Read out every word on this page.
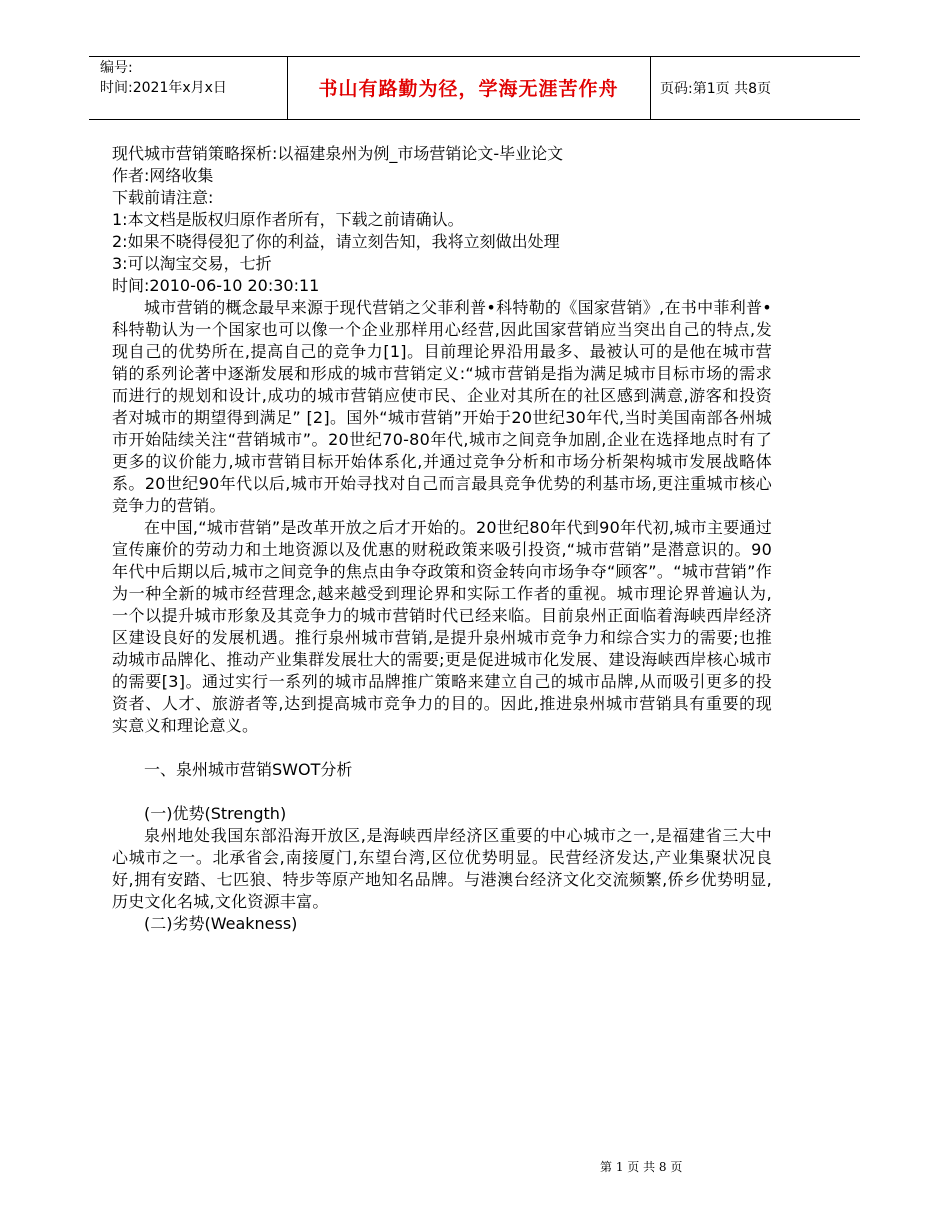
编号:
时间:2021年x月x日	书山有路勤为径，学海无涯苦作舟	页码:第1页 共8页
现代城市营销策略探析:以福建泉州为例_市场营销论文-毕业论文
作者:网络收集
下载前请注意:
1:本文档是版权归原作者所有，下载之前请确认。
2:如果不晓得侵犯了你的利益，请立刻告知，我将立刻做出处理
3:可以淘宝交易，七折
时间:2010-06-10 20:30:11
城市营销的概念最早来源于现代营销之父菲利普•科特勒的《国家营销》,在书中菲利普•科特勒认为一个国家也可以像一个企业那样用心经营,因此国家营销应当突出自己的特点,发现自己的优势所在,提高自己的竞争力[1]。目前理论界沿用最多、最被认可的是他在城市营销的系列论著中逐渐发展和形成的城市营销定义:“城市营销是指为满足城市目标市场的需求而进行的规划和设计,成功的城市营销应使市民、企业对其所在的社区感到满意,游客和投资者对城市的期望得到满足” [2]。国外“城市营销”开始于20世纪30年代,当时美国南部各州城市开始陆续关注“营销城市”。20世纪70-80年代,城市之间竞争加剧,企业在选择地点时有了更多的议价能力,城市营销目标开始体系化,并通过竞争分析和市场分析架构城市发展战略体系。20世纪90年代以后,城市开始寻找对自己而言最具竞争优势的利基市场,更注重城市核心竞争力的营销。
在中国,“城市营销”是改革开放之后才开始的。20世纪80年代到90年代初,城市主要通过宣传廉价的劳动力和土地资源以及优惠的财税政策来吸引投资,“城市营销”是潜意识的。90年代中后期以后,城市之间竞争的焦点由争夺政策和资金转向市场争夺“顾客”。“城市营销”作为一种全新的城市经营理念,越来越受到理论界和实际工作者的重视。城市理论界普遍认为,一个以提升城市形象及其竞争力的城市营销时代已经来临。目前泉州正面临着海峡西岸经济区建设良好的发展机遇。推行泉州城市营销,是提升泉州城市竞争力和综合实力的需要;也推动城市品牌化、推动产业集群发展壮大的需要;更是促进城市化发展、建设海峡西岸核心城市的需要[3]。通过实行一系列的城市品牌推广策略来建立自己的城市品牌,从而吸引更多的投资者、人才、旅游者等,达到提高城市竞争力的目的。因此,推进泉州城市营销具有重要的现实意义和理论意义。
一、泉州城市营销SWOT分析
(一)优势(Strength)
泉州地处我国东部沿海开放区,是海峡西岸经济区重要的中心城市之一,是福建省三大中心城市之一。北承省会,南接厦门,东望台湾,区位优势明显。民营经济发达,产业集聚状况良好,拥有安踏、七匹狼、特步等原产地知名品牌。与港澳台经济文化交流频繁,侨乡优势明显,历史文化名城,文化资源丰富。
(二)劣势(Weakness)
第 1 页 共 8 页
